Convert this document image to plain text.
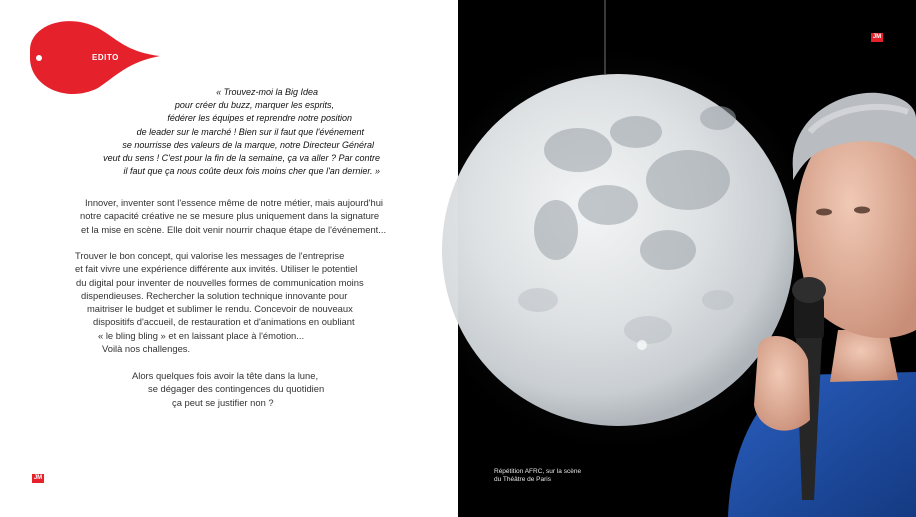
EDITO
« Trouvez-moi la Big Idea
pour créer du buzz, marquer les esprits,
fédérer les équipes et reprendre notre position
de leader sur le marché ! Bien sur il faut que l'événement
se nourrisse des valeurs de la marque, notre Directeur Général
veut du sens ! C'est pour la fin de la semaine, ça va aller ? Par contre
il faut que ça nous coûte deux fois moins cher que l'an dernier. »
Innover, inventer sont l'essence même de notre métier, mais aujourd'hui
notre capacité créative ne se mesure plus uniquement dans la signature
et la mise en scène. Elle doit venir nourrir chaque étape de l'événement...
Trouver le bon concept, qui valorise les messages de l'entreprise
et fait vivre une expérience différente aux invités. Utiliser le potentiel
du digital pour inventer de nouvelles formes de communication moins
dispendieuses. Rechercher la solution technique innovante pour
maitriser le budget et sublimer le rendu. Concevoir de nouveaux
dispositifs d'accueil, de restauration et d'animations en oubliant
« le bling bling » et en laissant place à l'émotion...
Voilà nos challenges.
Alors quelques fois avoir la tête dans la lune,
se dégager des contingences du quotidien
ça peut se justifier non ?
JM
JM
Répétition AFRC, sur la scène
du Théâtre de Paris
